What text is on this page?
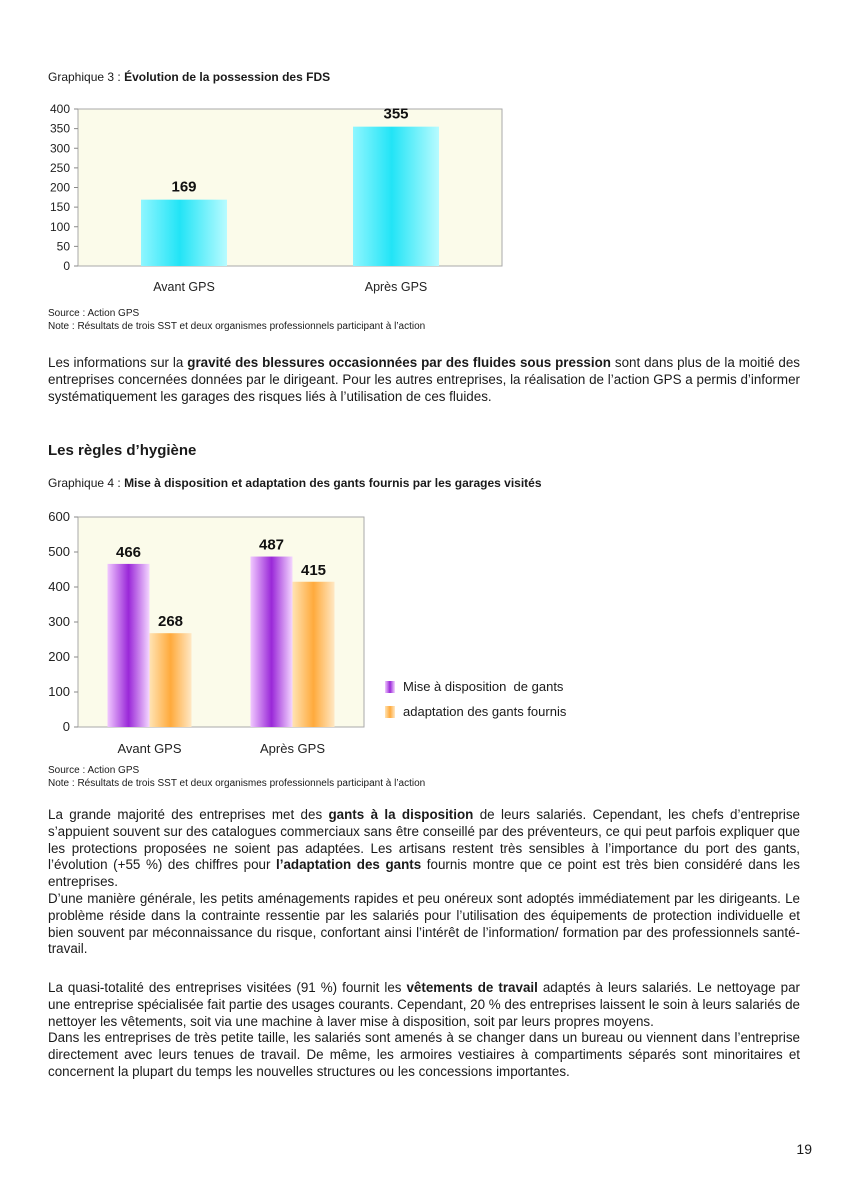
Graphique 3 : Évolution de la possession des FDS
0
50
100
150
200
250
300
350
400
169
Avant GPS
355
Après GPS
Source : Action GPS
Note : Résultats de trois SST et deux organismes professionnels participant à l’action

Les informations sur la gravité des blessures occasionnées par des fluides sous pression sont dans plus de la moitié des entreprises concernées données par le dirigeant. Pour les autres entreprises, la réalisation de l’action GPS a permis d’informer systématiquement les garages des risques liés à l’utilisation de ces fluides.

Les règles d’hygiène
Graphique 4 : Mise à disposition et adaptation des gants fournis par les garages visités
0
100
200
300
400
500
600
466
268
Avant GPS
487
415
Après GPS
Mise à disposition  de gants
adaptation des gants fournis
Source : Action GPS
Note : Résultats de trois SST et deux organismes professionnels participant à l’action

La grande majorité des entreprises met des gants à la disposition de leurs salariés. Cependant, les chefs d’entreprise s’appuient souvent sur des catalogues commerciaux sans être conseillé par des préventeurs, ce qui peut parfois expliquer que les protections proposées ne soient pas adaptées. Les artisans restent très sensibles à l’importance du port des gants, l’évolution (+55 %) des chiffres pour l’adaptation des gants fournis montre que ce point est très bien considéré dans les entreprises.

D’une manière générale, les petits aménagements rapides et peu onéreux sont adoptés immédiatement par les dirigeants. Le problème réside dans la contrainte ressentie par les salariés pour l’utilisation des équipements de protection individuelle et bien souvent par méconnaissance du risque, confortant ainsi l’intérêt de l’information/ formation par des professionnels santé-travail.

La quasi-totalité des entreprises visitées (91 %) fournit les vêtements de travail adaptés à leurs salariés. Le nettoyage par une entreprise spécialisée fait partie des usages courants. Cependant, 20 % des entreprises laissent le soin à leurs salariés de nettoyer les vêtements, soit via une machine à laver mise à disposition, soit par leurs propres moyens.

Dans les entreprises de très petite taille, les salariés sont amenés à se changer dans un bureau ou viennent dans l’entreprise directement avec leurs tenues de travail. De même, les armoires vestiaires à compartiments séparés sont minoritaires et concernent la plupart du temps les nouvelles structures ou les concessions importantes.

19
